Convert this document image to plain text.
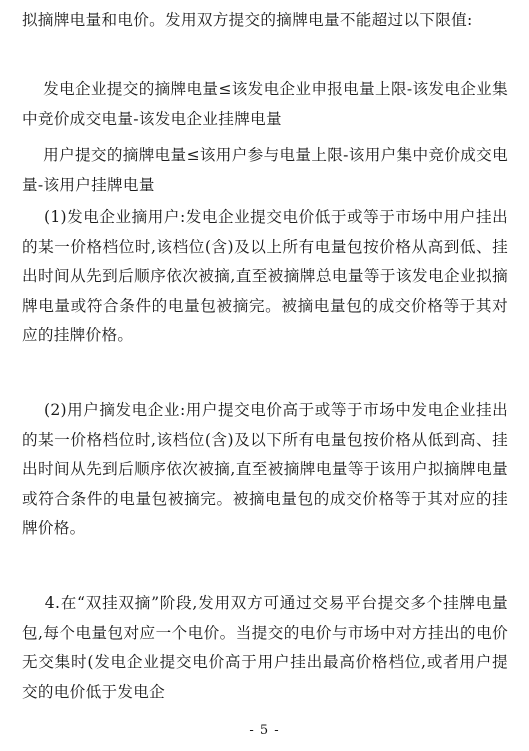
拟摘牌电量和电价。发用双方提交的摘牌电量不能超过以下限值:

发电企业提交的摘牌电量≤该发电企业申报电量上限-该发电企业集中竞价成交电量-该发电企业挂牌电量

用户提交的摘牌电量≤该用户参与电量上限-该用户集中竞价成交电量-该用户挂牌电量

(1)发电企业摘用户:发电企业提交电价低于或等于市场中用户挂出的某一价格档位时,该档位(含)及以上所有电量包按价格从高到低、挂出时间从先到后顺序依次被摘,直至被摘牌总电量等于该发电企业拟摘牌电量或符合条件的电量包被摘完。被摘电量包的成交价格等于其对应的挂牌价格。

(2)用户摘发电企业:用户提交电价高于或等于市场中发电企业挂出的某一价格档位时,该档位(含)及以下所有电量包按价格从低到高、挂出时间从先到后顺序依次被摘,直至被摘牌电量等于该用户拟摘牌电量或符合条件的电量包被摘完。被摘电量包的成交价格等于其对应的挂牌价格。

4.在“双挂双摘”阶段,发用双方可通过交易平台提交多个挂牌电量包,每个电量包对应一个电价。当提交的电价与市场中对方挂出的电价无交集时(发电企业提交电价高于用户挂出最高价格档位,或者用户提交的电价低于发电企

- 5 -
